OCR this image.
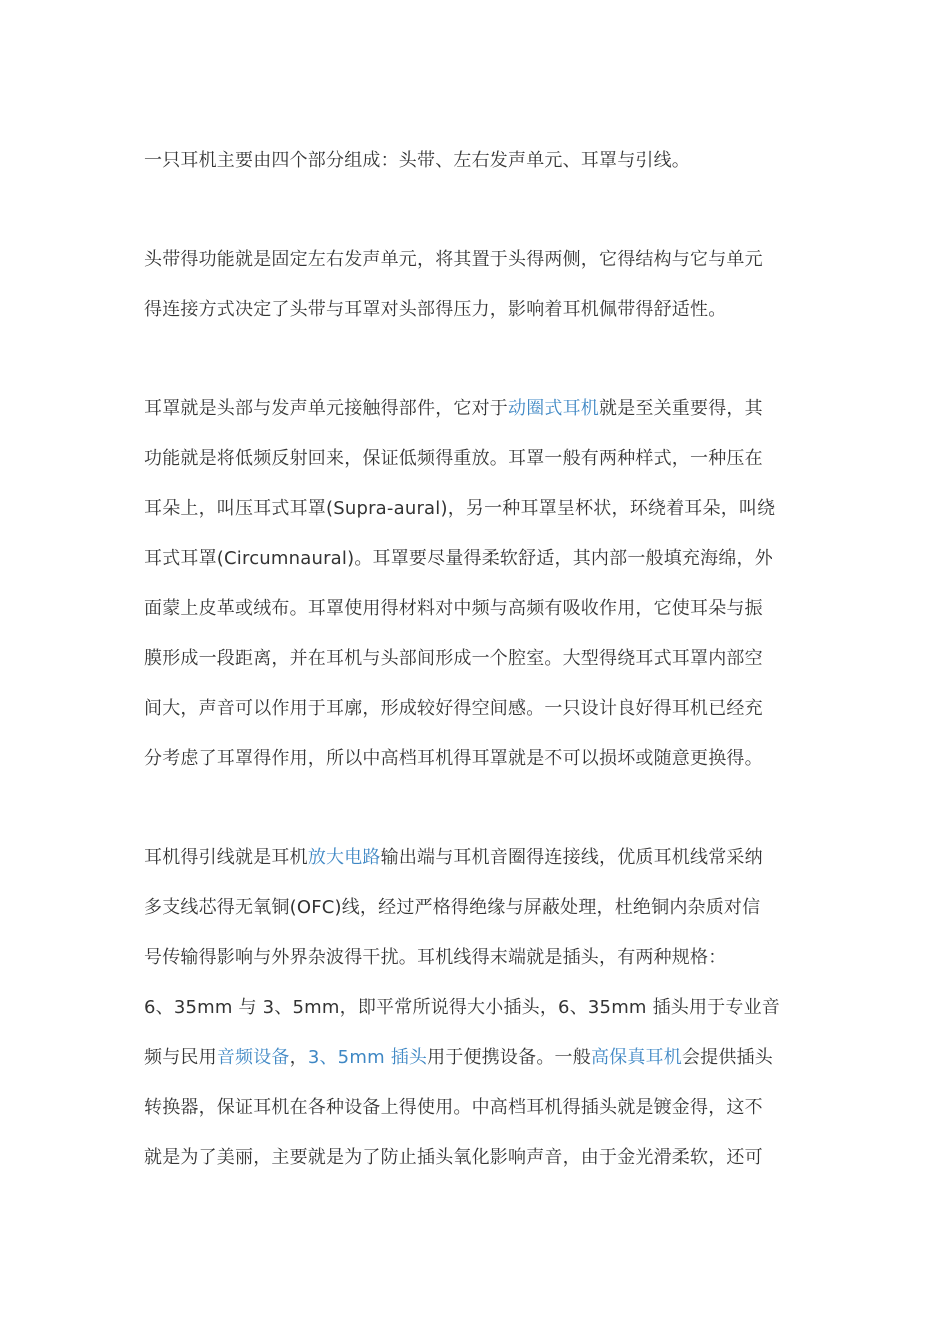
一只耳机主要由四个部分组成：头带、左右发声单元、耳罩与引线。

头带得功能就是固定左右发声单元，将其置于头得两侧，它得结构与它与单元
得连接方式决定了头带与耳罩对头部得压力，影响着耳机佩带得舒适性。

耳罩就是头部与发声单元接触得部件，它对于动圈式耳机就是至关重要得，其
功能就是将低频反射回来，保证低频得重放。耳罩一般有两种样式，一种压在
耳朵上，叫压耳式耳罩(Supra-aural)，另一种耳罩呈杯状，环绕着耳朵，叫绕
耳式耳罩(Circumnaural)。耳罩要尽量得柔软舒适，其内部一般填充海绵，外
面蒙上皮革或绒布。耳罩使用得材料对中频与高频有吸收作用，它使耳朵与振
膜形成一段距离，并在耳机与头部间形成一个腔室。大型得绕耳式耳罩内部空
间大，声音可以作用于耳廓，形成较好得空间感。一只设计良好得耳机已经充
分考虑了耳罩得作用，所以中高档耳机得耳罩就是不可以损坏或随意更换得。

耳机得引线就是耳机放大电路输出端与耳机音圈得连接线，优质耳机线常采纳
多支线芯得无氧铜(OFC)线，经过严格得绝缘与屏蔽处理，杜绝铜内杂质对信
号传输得影响与外界杂波得干扰。耳机线得末端就是插头，有两种规格：
6、35mm 与 3、5mm，即平常所说得大小插头，6、35mm 插头用于专业音
频与民用音频设备，3、5mm 插头用于便携设备。一般高保真耳机会提供插头
转换器，保证耳机在各种设备上得使用。中高档耳机得插头就是镀金得，这不
就是为了美丽，主要就是为了防止插头氧化影响声音，由于金光滑柔软，还可
